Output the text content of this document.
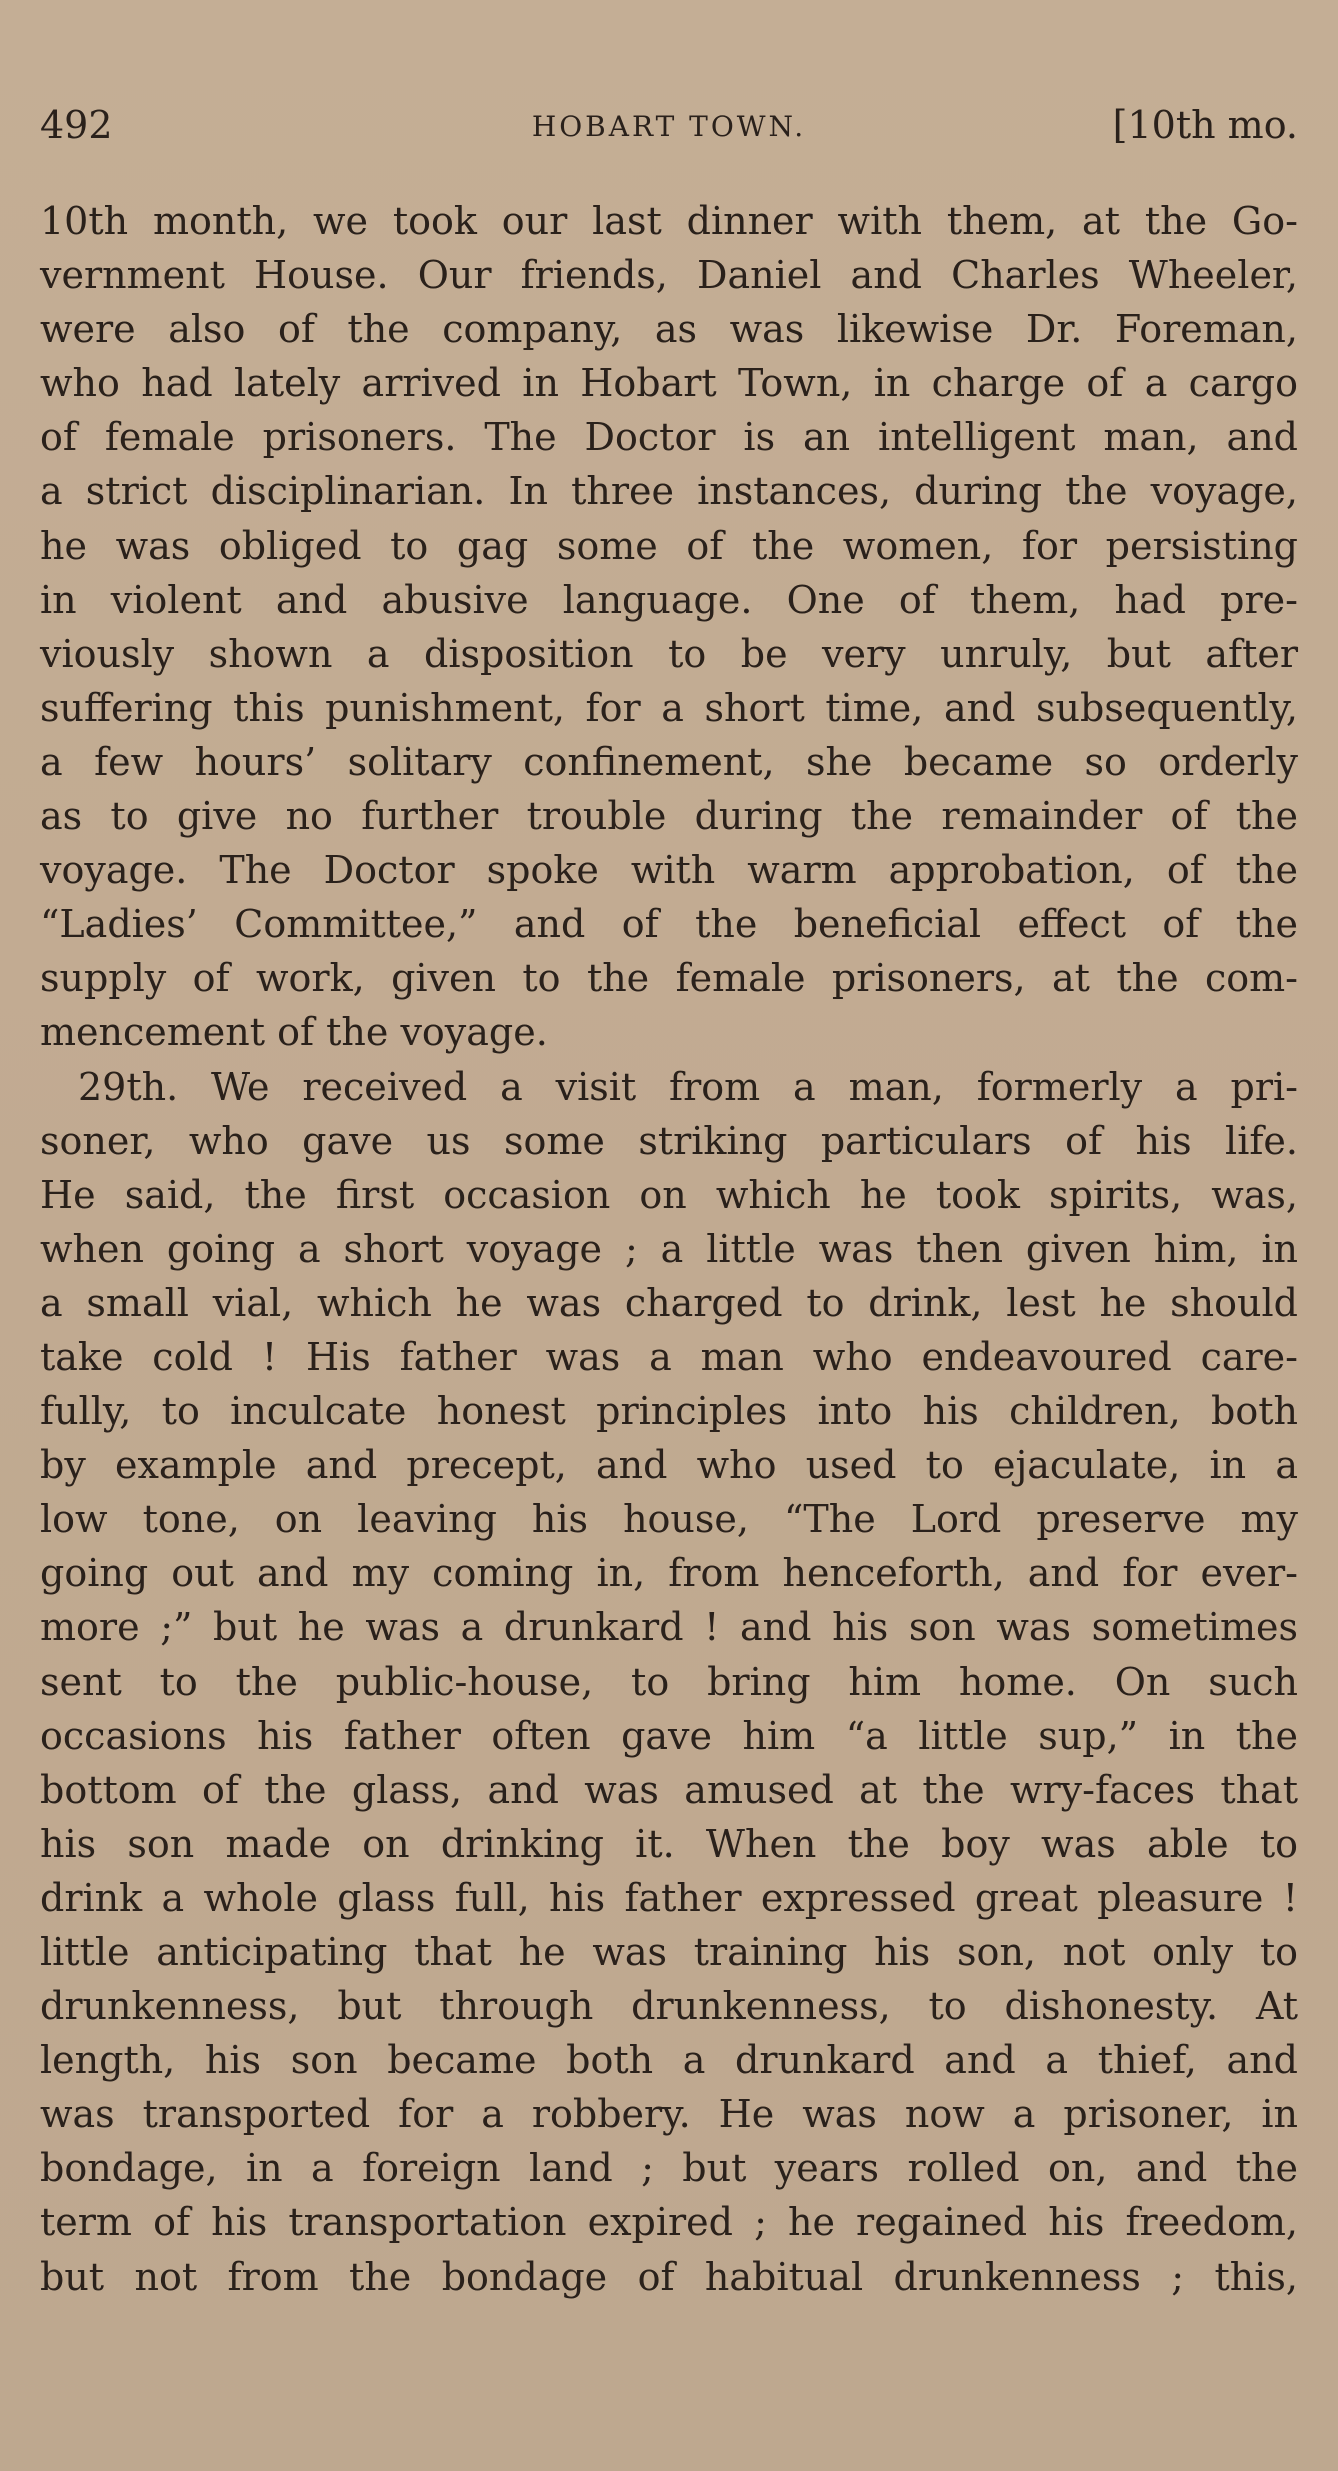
492	HOBART TOWN.	[10th mo.
10th month, we took our last dinner with them, at the Go-
vernment House. Our friends, Daniel and Charles Wheeler,
were also of the company, as was likewise Dr. Foreman,
who had lately arrived in Hobart Town, in charge of a cargo
of female prisoners. The Doctor is an intelligent man, and
a strict disciplinarian. In three instances, during the voyage,
he was obliged to gag some of the women, for persisting
in violent and abusive language. One of them, had pre-
viously shown a disposition to be very unruly, but after
suffering this punishment, for a short time, and subsequently,
a few hours’ solitary confinement, she became so orderly
as to give no further trouble during the remainder of the
voyage. The Doctor spoke with warm approbation, of the
“Ladies’ Committee,” and of the beneficial effect of the
supply of work, given to the female prisoners, at the com-
mencement of the voyage.
29th. We received a visit from a man, formerly a pri-
soner, who gave us some striking particulars of his life.
He said, the first occasion on which he took spirits, was,
when going a short voyage ; a little was then given him, in
a small vial, which he was charged to drink, lest he should
take cold ! His father was a man who endeavoured care-
fully, to inculcate honest principles into his children, both
by example and precept, and who used to ejaculate, in a
low tone, on leaving his house, “The Lord preserve my
going out and my coming in, from henceforth, and for ever-
more ;” but he was a drunkard ! and his son was sometimes
sent to the public-house, to bring him home. On such
occasions his father often gave him “a little sup,” in the
bottom of the glass, and was amused at the wry-faces that
his son made on drinking it. When the boy was able to
drink a whole glass full, his father expressed great pleasure !
little anticipating that he was training his son, not only to
drunkenness, but through drunkenness, to dishonesty. At
length, his son became both a drunkard and a thief, and
was transported for a robbery. He was now a prisoner, in
bondage, in a foreign land ; but years rolled on, and the
term of his transportation expired ; he regained his freedom,
but not from the bondage of habitual drunkenness ; this,
